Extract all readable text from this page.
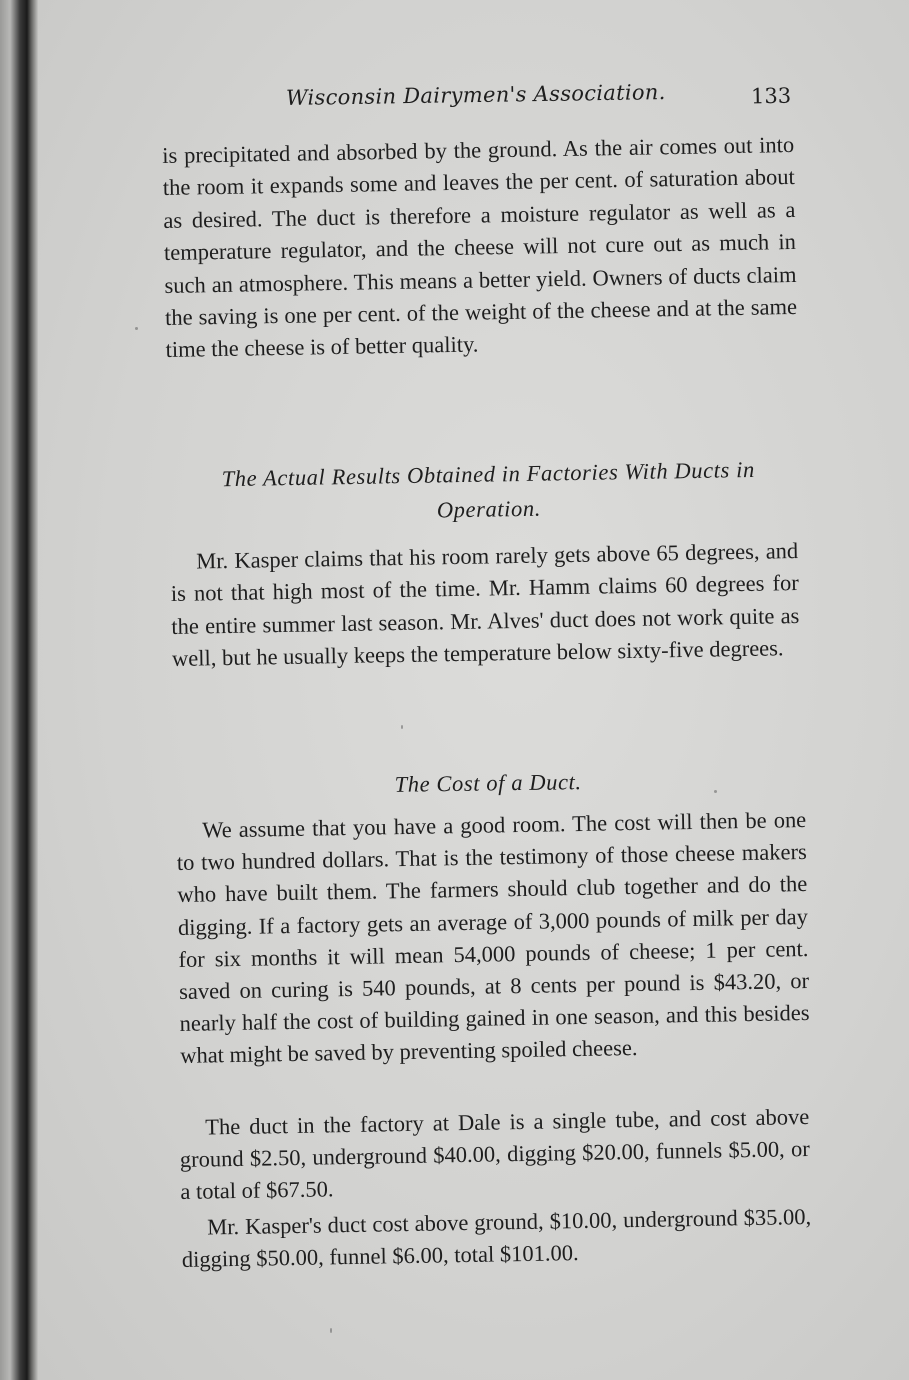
Wisconsin Dairymen's Association.	133

is precipitated and absorbed by the ground. As the air comes out into the room it expands some and leaves the per cent. of saturation about as desired. The duct is therefore a moisture regulator as well as a temperature regulator, and the cheese will not cure out as much in such an atmosphere. This means a better yield. Owners of ducts claim the saving is one per cent. of the weight of the cheese and at the same time the cheese is of better quality.

The Actual Results Obtained in Factories With Ducts in Operation.

Mr. Kasper claims that his room rarely gets above 65 degrees, and is not that high most of the time. Mr. Hamm claims 60 degrees for the entire summer last season. Mr. Alves' duct does not work quite as well, but he usually keeps the temperature below sixty-five degrees.

The Cost of a Duct.

We assume that you have a good room. The cost will then be one to two hundred dollars. That is the testimony of those cheese makers who have built them. The farmers should club together and do the digging. If a factory gets an average of 3,000 pounds of milk per day for six months it will mean 54,000 pounds of cheese; 1 per cent. saved on curing is 540 pounds, at 8 cents per pound is $43.20, or nearly half the cost of building gained in one season, and this besides what might be saved by preventing spoiled cheese.

The duct in the factory at Dale is a single tube, and cost above ground $2.50, underground $40.00, digging $20.00, funnels $5.00, or a total of $67.50.

Mr. Kasper's duct cost above ground, $10.00, underground $35.00, digging $50.00, funnel $6.00, total $101.00.
